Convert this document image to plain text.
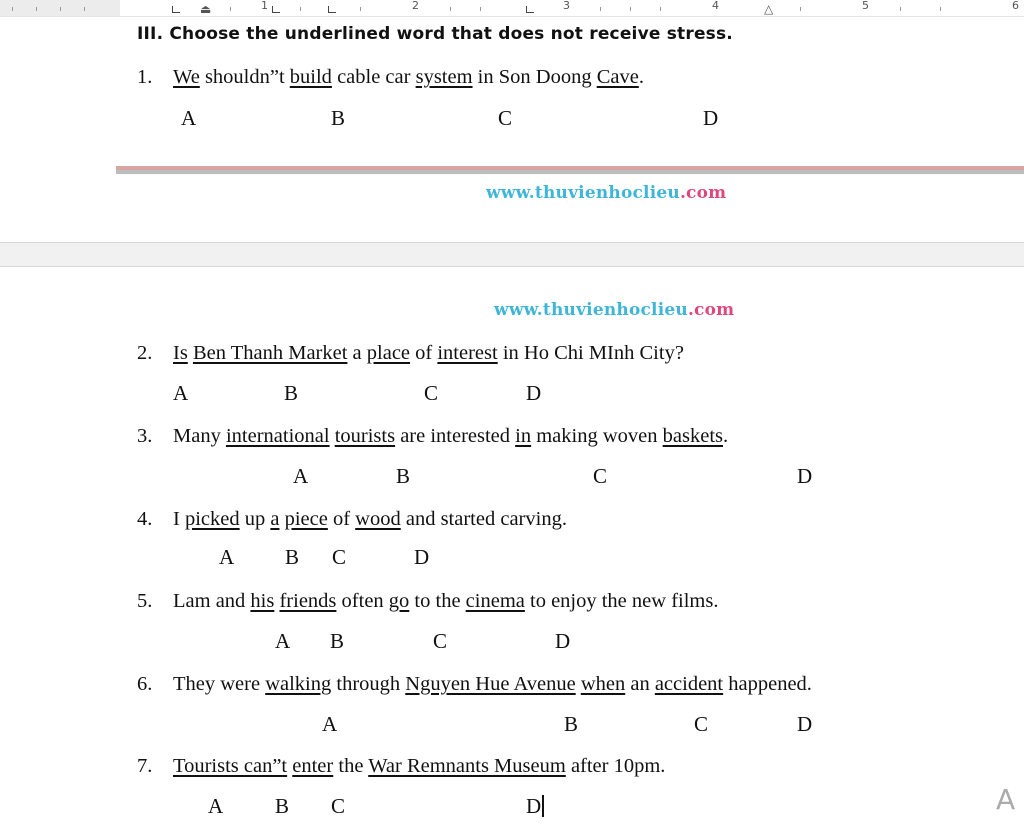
⏏	1	2	3	4	△	5	6
III. Choose the underlined word that does not receive stress.
1. We shouldn”t build cable car system in Son Doong Cave.
A	B	C	D
www.thuvienhoclieu.com
www.thuvienhoclieu.com
2. Is Ben Thanh Market a place of interest in Ho Chi MInh City?
A	B	C	D
3. Many international tourists are interested in making woven baskets.
A	B	C	D
4. I picked up a piece of wood and started carving.
A B C	D
5. Lam and his friends often go to the cinema to enjoy the new films.
A B	C	D
6. They were walking through Nguyen Hue Avenue when an accident happened.
A	B	C	D
7. Tourists can”t enter the War Remnants Museum after 10pm.
A B C	D	A
